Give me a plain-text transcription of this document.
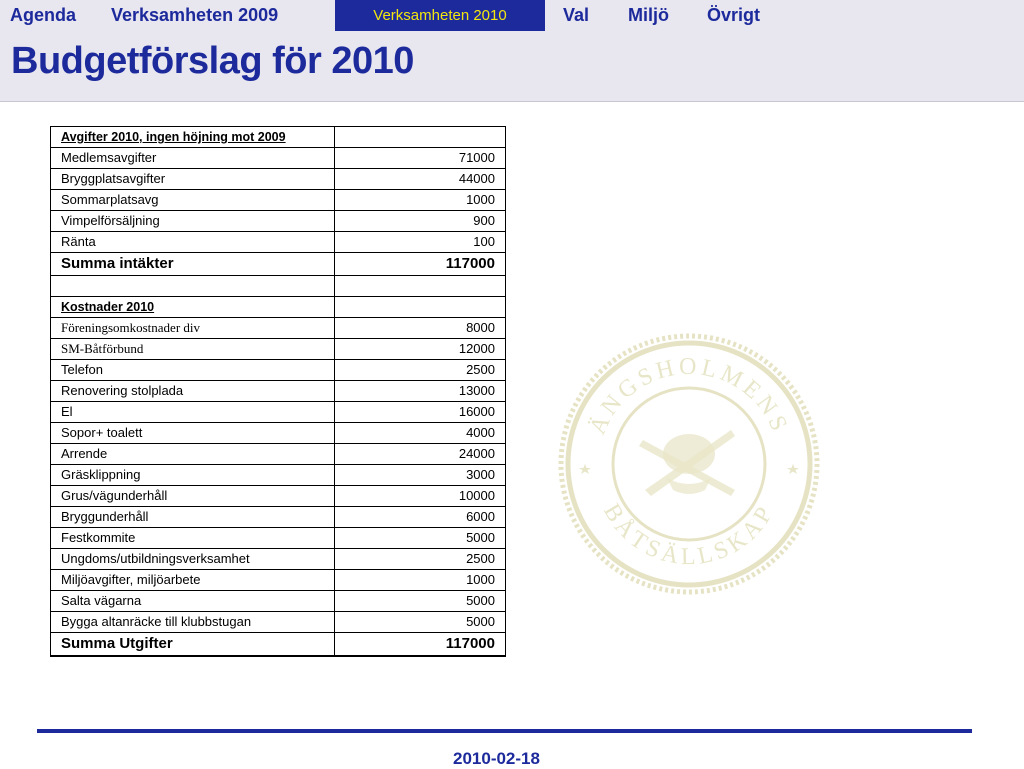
Agenda Verksamheten 2009	Verksamheten 2010	Val Miljö Övrigt
Budgetförslag för 2010
Avgifter 2010, ingen höjning mot 2009	
Medlemsavgifter	71000
Bryggplatsavgifter	44000
Sommarplatsavg	1000
Vimpelförsäljning	900
Ränta	100
Summa intäkter	117000

Kostnader 2010	
Föreningsomkostnader div	8000
SM-Båtförbund	12000
Telefon	2500
Renovering stolplada	13000
El	16000
Sopor+ toalett	4000
Arrende	24000
Gräsklippning	3000
Grus/vägunderhåll	10000
Bryggunderhåll	6000
Festkommite	5000
Ungdoms/utbildningsverksamhet	2500
Miljöavgifter, miljöarbete	1000
Salta vägarna	5000
Bygga altanräcke till klubbstugan	5000
Summa Utgifter	117000
ÄNGSHOLMENS
BÅTSÄLLSKAP

2010-02-18
